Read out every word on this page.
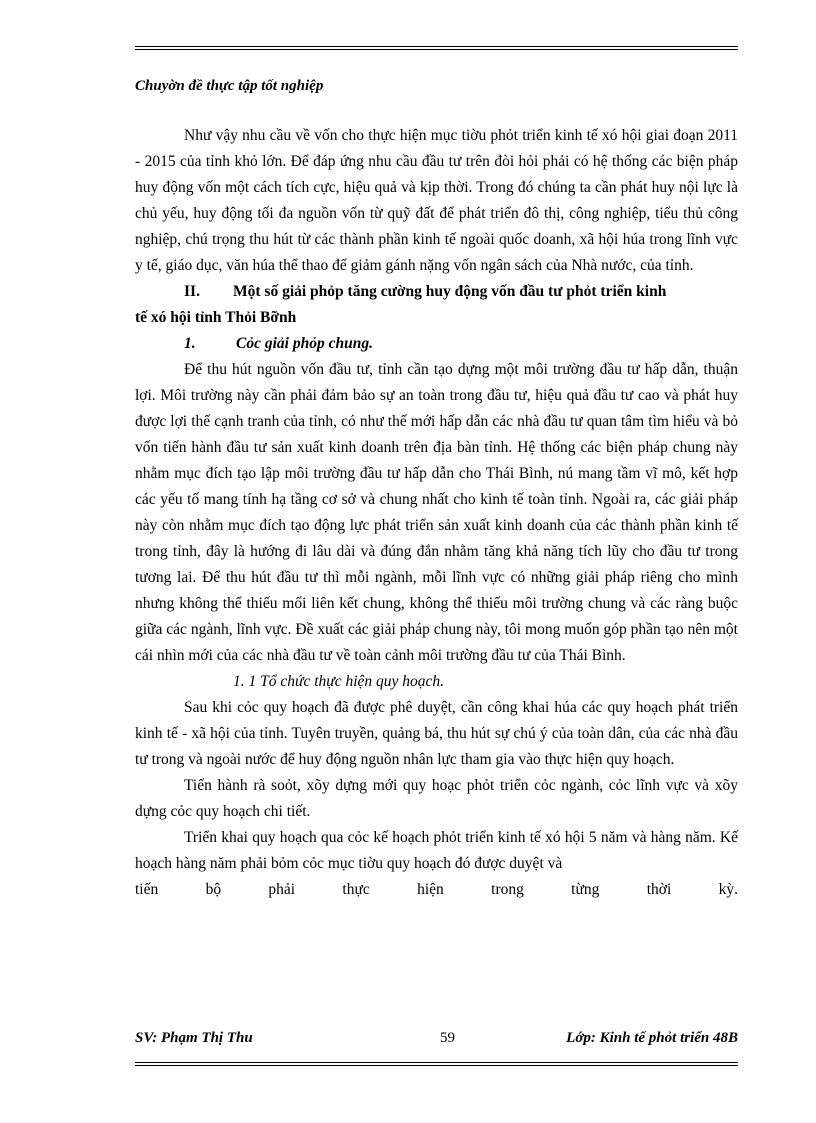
Chuyờn đề thực tập tốt nghiệp

Như vậy nhu cầu về vốn cho thực hiện mục tiờu phỏt triển kinh tế xó hội giai đoạn 2011 - 2015 của tỉnh khỏ lớn. Để đáp ứng nhu cầu đầu tư trên đòi hỏi phải có hệ thống các biện pháp huy động vốn một cách tích cực, hiệu quả và kịp thời. Trong đó chúng ta cần phát huy nội lực là chủ yếu, huy động tối đa nguồn vốn từ quỹ đất để phát triển đô thị, công nghiệp, tiểu thủ công nghiệp, chú trọng thu hút từ các thành phần kinh tế ngoài quốc doanh, xã hội húa trong lĩnh vực y tế, giáo dục, văn húa thể thao để giảm gánh nặng vốn ngân sách của Nhà nước, của tỉnh.

II. Một số giải phỏp tăng cường huy động vốn đầu tư phỏt triển kinh
tế xó hội tỉnh Thỏi Bỡnh
1.	Cỏc giải phỏp chung.

Để thu hút nguồn vốn đầu tư, tỉnh cần tạo dựng một môi trường đầu tư hấp dẫn, thuận lợi. Môi trường này cần phải đảm bảo sự an toàn trong đầu tư, hiệu quả đầu tư cao và phát huy được lợi thế cạnh tranh của tỉnh, có như thế mới hấp dẫn các nhà đầu tư quan tâm tìm hiểu và bỏ vốn tiến hành đầu tư sản xuất kinh doanh trên địa bàn tỉnh. Hệ thống các biện pháp chung này nhằm mục đích tạo lập môi trường đầu tư hấp dẫn cho Thái Bình, nú mang tầm vĩ mô, kết hợp các yếu tố mang tính hạ tầng cơ sở và chung nhất cho kinh tế toàn tỉnh. Ngoài ra, các giải pháp này còn nhằm mục đích tạo động lực phát triển sản xuất kinh doanh của các thành phần kinh tế trong tỉnh, đây là hướng đi lâu dài và đúng đắn nhằm tăng khả năng tích lũy cho đầu tư trong tương lai. Để thu hút đầu tư thì mỗi ngành, mỗi lĩnh vực có những giải pháp riêng cho mình nhưng không thể thiếu mối liên kết chung, không thể thiếu môi trường chung và các ràng buộc giữa các ngành, lĩnh vực. Đề xuất các giải pháp chung này, tôi mong muốn góp phần tạo nên một cái nhìn mới của các nhà đầu tư về toàn cảnh môi trường đầu tư của Thái Bình.

1. 1 Tổ chức thực hiện quy hoạch.

Sau khi cỏc quy hoạch đã được phê duyệt, cần công khai húa các quy hoạch phát triển kinh tế - xã hội của tỉnh. Tuyên truyền, quảng bá, thu hút sự chú ý của toàn dân, của các nhà đầu tư trong và ngoài nước để huy động nguồn nhân lực tham gia vào thực hiện quy hoạch.

Tiến hành rà soỏt, xõy dựng mới quy hoạc phỏt triển cỏc ngành, cỏc lĩnh vực và xõy dựng cỏc quy hoạch chi tiết.

Triển khai quy hoạch qua cỏc kế hoạch phỏt triển kinh tế xó hội 5 năm và hàng năm. Kế hoạch hàng năm phải bỏm cỏc mục tiờu quy hoạch đó được duyệt và

tiến bộ phải thực hiện trong từng thời kỳ.
SV: Phạm Thị Thu	59	Lớp: Kinh tế phỏt triển 48B
